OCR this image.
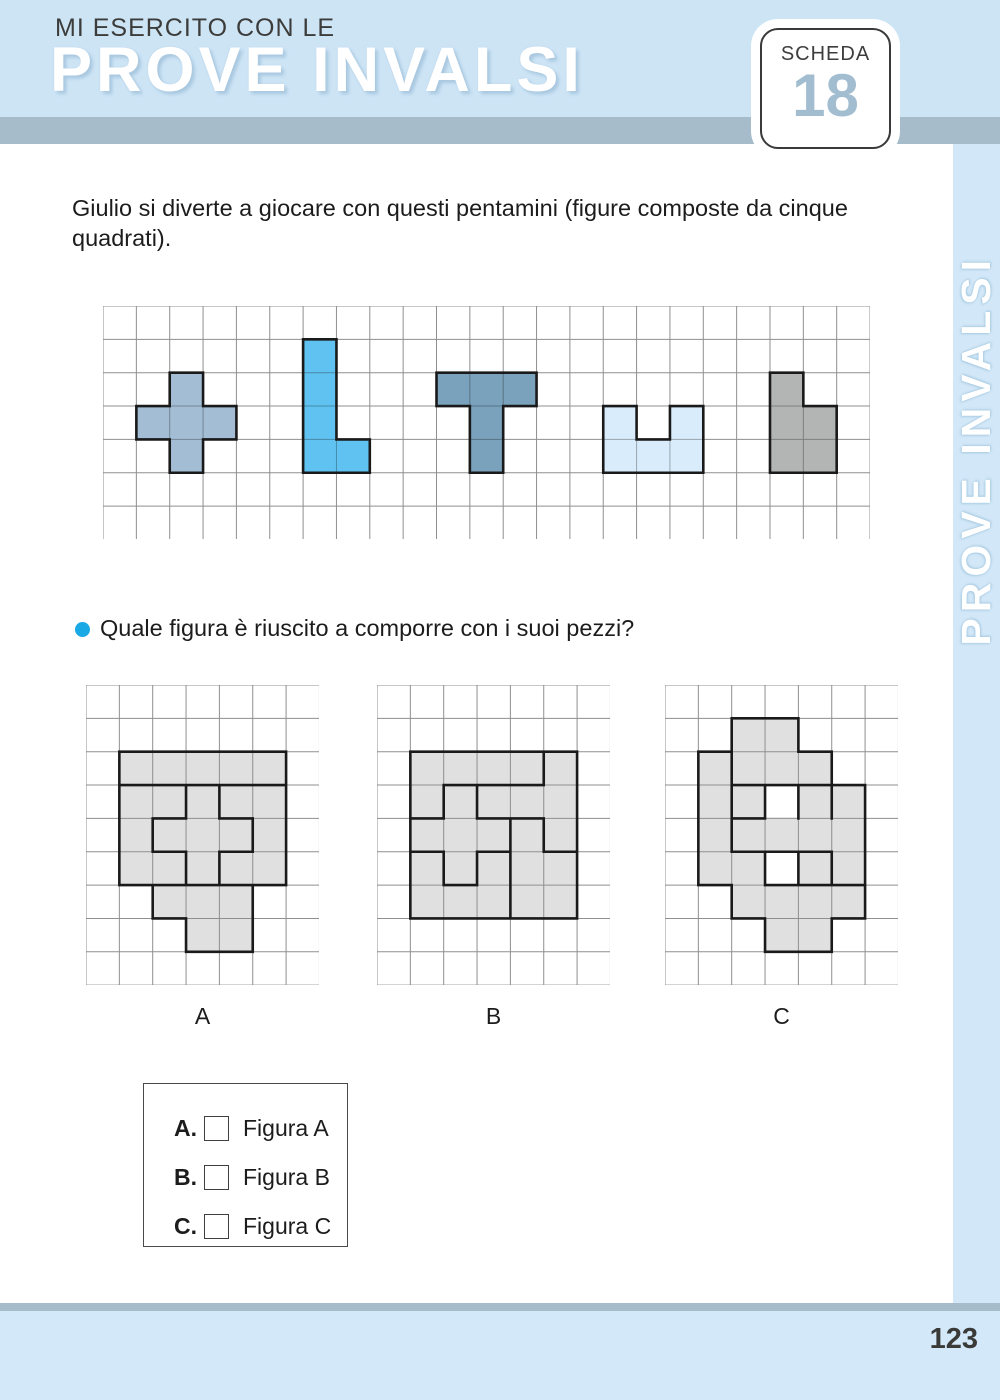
MI ESERCITO CON LE
PROVE INVALSI	SCHEDA
18
PROVE INVALSI
Giulio si diverte a giocare con questi pentamini (figure composte da cinque
quadrati).
Quale figura è riuscito a comporre con i suoi pezzi?
A	B	C
A.	Figura A
B.	Figura B
C.	Figura C
123
